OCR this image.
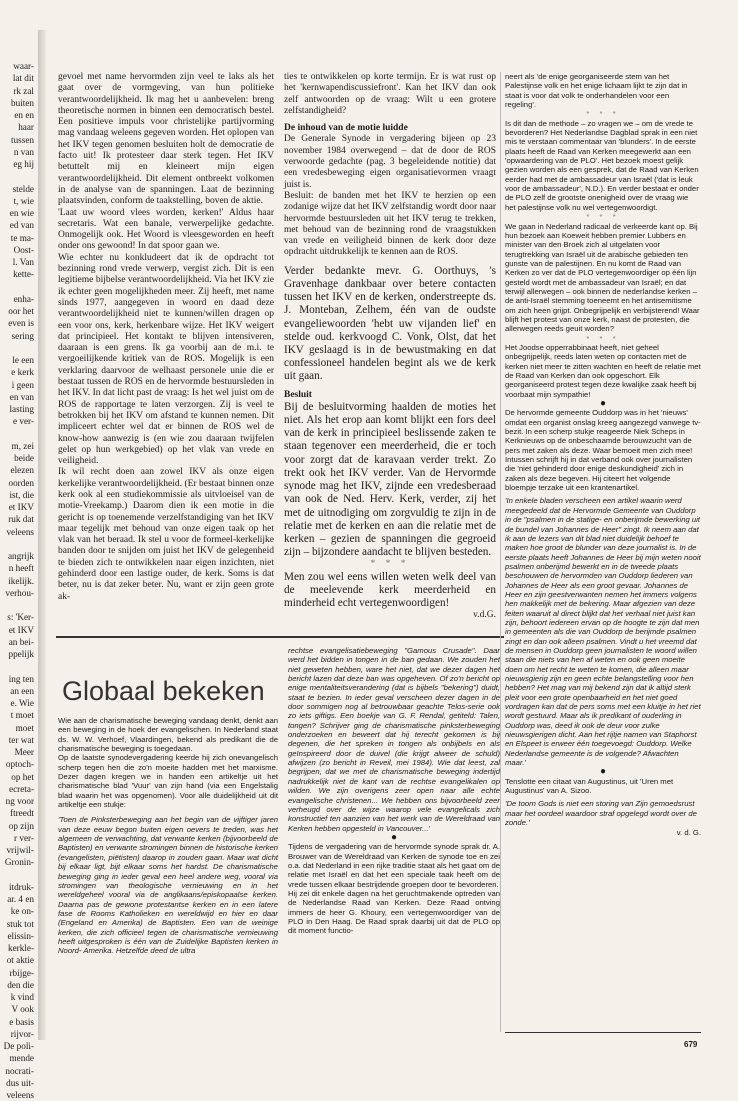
waar-
lat dit
rk zal
buiten
en en
haar
tussen
n van
eg hij

stelde
t, wie
en wie
ed van
te ma-
Oost-
l. Van
kette-

enha-
oor het
even is
sering

le een
e kerk
i geen
en van
lasting
e ver-

m, zei
beide
elezen
oorden
ist, die
et IKV
ruk dat
veleens

angrijk
n heeft
ikelijk.
verhou-

s: 'Ker-
et IKV
an bei-
ppelijk

ing ten
an een
e. Wie
t moet
moet
ter wat
Meer
optoch-
op het
ecreta-
ng voor
ftreedt
op zijn
r ver-
vrijwil-
Gronin-

itdruk-
ar. 4 en
ke on-
stuk tot
elissin-
kerkle-
ot aktie
rbijge-
den die
k vind
V ook
e basis
rijvor-
De poli-
mende
nocrati-
dus uit-
veleens

gevoel met name hervormden zijn veel te laks als het gaat over de vormgeving, van hun politieke verantwoordelijkheid. Ik mag het u aanbevelen: breng theoretische normen in binnen een democratisch bestel. Een positieve impuls voor christelijke partijvorming mag vandaag weleens gegeven worden. Het oplopen van het IKV tegen genomen besluiten holt de democratie de facto uit! Ik protesteer daar sterk tegen. Het IKV betuttelt mij en kleineert mijn eigen verantwoordelijkheid. Dit element ontbreekt volkomen in de analyse van de spanningen. Laat de bezinning plaatsvinden, conform de taakstelling, boven de aktie.

'Laat uw woord vlees worden, kerken!' Aldus haar secretaris. Wat een banale, verwerpelijke gedachte. Onmogelijk ook. Het Woord is vleesgeworden en heeft onder ons gewoond! In dat spoor gaan we.

Wie echter nu konkludeert dat ik de opdracht tot bezinning rond vrede verwerp, vergist zich. Dit is een legitieme bijbelse verantwoordelijkheid. Via het IKV zie ik echter geen mogelijkheden meer. Zij heeft, met name sinds 1977, aangegeven in woord en daad deze verantwoordelijkheid niet te kunnen/willen dragen op een voor ons, kerk, herkenbare wijze. Het IKV weigert dat principieel. Het kontakt te blijven intensiveren, daaraan is een grens. Ik ga voorbij aan de m.i. te vergoeilijkende kritiek van de ROS. Mogelijk is een verklaring daarvoor de welhaast personele unie die er bestaat tussen de ROS en de hervormde bestuursleden in het IKV. In dat licht past de vraag: Is het wel juist om de ROS de rapportage te laten verzorgen. Zij is veel te betrokken bij het IKV om afstand te kunnen nemen. Dit impliceert echter wel dat er binnen de ROS wel de know-how aanwezig is (en wie zou daaraan twijfelen gelet op hun werkgebied) op het vlak van vrede en veiligheid.

Ik wil recht doen aan zowel IKV als onze eigen kerkelijke verantwoordelijkheid. (Er bestaat binnen onze kerk ook al een studiekommissie als uitvloeisel van de motie-Vreekamp.) Daarom dien ik een motie in die gericht is op toenemende verzelfstandiging van het IKV maar tegelijk met behoud van onze eigen taak op het vlak van het beraad. Ik stel u voor de formeel-kerkelijke banden door te snijden om juist het IKV de gelegenheid te bieden zich te ontwikkelen naar eigen inzichten, niet gehinderd door een lastige ouder, de kerk. Soms is dat beter, nu is dat zeker beter. Nu, want er zijn geen grote ak-

ties te ontwikkelen op korte termijn. Er is wat rust op het 'kernwapendiscussiefront'. Kan het IKV dan ook zelf antwoorden op de vraag: Wilt u een grotere zelfstandigheid?

De inhoud van de motie luidde

De Generale Synode in vergadering bijeen op 23 november 1984 overwegend – dat de door de ROS verwoorde gedachte (pag. 3 begeleidende notitie) dat een vredesbeweging eigen organisatievormen vraagt juist is.

Besluit: de banden met het IKV te herzien op een zodanige wijze dat het IKV zelfstandig wordt door naar hervormde bestuursleden uit het IKV terug te trekken, met behoud van de bezinning rond de vraagstukken van vrede en veiligheid binnen de kerk door deze opdracht uitdrukkelijk te kennen aan de ROS.

Verder bedankte mevr. G. Oorthuys, 's Gravenhage dankbaar over betere contacten tussen het IKV en de kerken, onderstreepte ds. J. Monteban, Zelhem, één van de oudste evangeliewoorden 'hebt uw vijanden lief' en stelde oud. kerkvoogd C. Vonk, Olst, dat het IKV geslaagd is in de bewustmaking en dat confessioneel handelen begint als we de kerk uit gaan.

Besluit

Bij de besluitvorming haalden de moties het niet. Als het erop aan komt blijkt een fors deel van de kerk in principieel beslissende zaken te staan tegenover een meerderheid, die er toch voor zorgt dat de karavaan verder trekt. Zo trekt ook het IKV verder. Van de Hervormde synode mag het IKV, zijnde een vredesberaad van ook de Ned. Herv. Kerk, verder, zij het met de uitnodiging om zorgvuldig te zijn in de relatie met de kerken en aan die relatie met de kerken – gezien de spanningen die gegroeid zijn – bijzondere aandacht te blijven besteden.

* * *

Men zou wel eens willen weten welk deel van de meelevende kerk meerderheid en minderheid echt vertegenwoordigen!

v.d.G.

neert als 'de enige georganiseerde stem van het Palestijnse volk en het enige lichaam lijkt te zijn dat in staat is voor dat volk te onderhandelen voor een regeling'.

* * *

Is dit dan de methode – zo vragen we – om de vrede te bevorderen? Het Nederlandse Dagblad sprak in een niet mis te verstaan commentaar van 'blunders'. In de eerste plaats heeft de Raad van Kerken meegewerkt aan een 'opwaardering van de PLO'. Het bezoek moest gelijk gezien worden als een gesprek, dat de Raad van Kerken eerder had met de ambassadeur van Israël ('dat is leuk voor de ambassadeur', N.D.). En verder bestaat er onder de PLO zelf de grootste onenigheid over de vraag wie het palestijnse volk nu wel vertegenwoordigt.

* * *

We gaan in Nederland radicaal de verkeerde kant op. Bij hun bezoek aan Koeweit hebben premier Lubbers en minister van den Broek zich al uitgelaten voor terugtrekking van Israël uit de arabische gebieden ten gunste van de palestijnen. En nu komt de Raad van Kerken zo ver dat de PLO vertegenwoordiger op één lijn gesteld wordt met de ambassadeur van Israël; en dat terwijl allerwegen – ook binnen de nederlandse kerken – de anti-Israël stemming toeneemt en het antisemitisme om zich heen grijpt. Onbegrijpelijk en verbijsterend! Waar blijft het protest van onze kerk, naast de protesten, die allerwegen reeds geuit worden?

* * *

Het Joodse opperrabbinaat heeft, niet geheel onbegrijpelijk, reeds laten weten op contacten met de kerken niet meer te zitten wachten en heeft de relatie met de Raad van Kerken dan ook opgeschort. Elk georganiseerd protest tegen deze kwalijke zaak heeft bij voorbaat mijn sympathie!

●

De hervormde gemeente Ouddorp was in het 'nieuws' omdat een organist onslag kreeg aangezegd vanwege tv-bezit. In een scherp stukje reageerde Niek Scheps in Kerknieuws op de onbeschaamde berouwzucht van de pers met zaken als deze. Waar bemoeit men zich mee! Intussen schrijft hij in dat verband ook over journalisten die 'niet gehinderd door enige deskundigheid' zich in zaken als deze begeven. Hij citeert het volgende bloempje terzake uit een krantenartikel.

'In enkele bladen verscheen een artikel waarin werd meegedeeld dat de Hervormde Gemeente van Ouddorp in de "psalmen in de statige- en onberijmde bewerking uit de bundel van Johannes de Heer" zingt. Ik neem aan dat ik aan de lezers van dit blad niet duidelijk behoef te maken hoe groot de blunder van deze journalist is. In de eerste plaats heeft Johannes de Heer bij mijn weten nooit psalmen onberijmd bewerkt en in de tweede plaats beschouwen de hervormden van Ouddorp liederen van Johannes de Heer als een groot gevaar. Johannes de Heer en zijn geestverwanten nemen het immers volgens hen makkelijk met de bekering. Maar afgezien van deze feiten waaruit al direct blijkt dat het verhaal niet juist kan zijn, behoort iedereen ervan op de hoogte te zijn dat men in gemeenten als die van Ouddorp de berijmde psalmen zingt en dan ook alleen psalmen. Vindt u het vreemd dat de mensen in Ouddorp geen journalisten te woord willen staan die niets van hen af weten en ook geen moeite doen om het recht te weten te komen, die alleen maar nieuwsgierig zijn en geen echte belangstelling voor hen hebben? Het mag van mij bekend zijn dat ik altijd sterk pleit voor een grote openbaarheid en het niet goed vordragen kan dat de pers soms met een kluitje in het riet wordt gestuurd. Maar als ik predikant of ouderling in Ouddorp was, deed ik ook de deur voor zulke nieuwsgierigen dicht. Aan het rijtje namen van Staphorst en Elspeet is erweer één toegevoegd: Ouddorp. Welke Nederlandse gemeente is de volgende? Afwachten maar.'

●

Tenslotte een citaat van Augustinus, uit 'Uren met Augustinus' van A. Sizoo.

'De toorn Gods is niet een storing van Zijn gemoedsrust maar het oordeel waardoor straf opgelegd wordt over de zonde.'

v. d. G.

Globaal bekeken

Wie aan de charismatische beweging vandaag denkt, denkt aan een beweging in de hoek der evangelischen. In Nederland staat ds. W. W. Verhoef, Vlaardingen, bekend als predikant die de charismatische beweging is toegedaan.

Op de laatste synodevergadering keerde hij zich onevangelisch scherp tegen hen die zo'n moeite hadden met het marxisme. Dezer dagen kregen we in handen een artikeltje uit het charismatische blad 'Vuur' van zijn hand (via een Engelstalig blad waarin het was opgenomen). Voor alle duidelijkheid uit dit artikeltje een stukje:

'Toen de Pinksterbeweging aan het begin van de vijftiger jaren van deze eeuw begon buiten eigen oevers te treden, was het algemeen de verwachting, dat verwante kerken (bijvoorbeeld de Baptisten) en verwante stromingen binnen de historische kerken (evangelisten, piëtisten) daarop in zouden gaan. Maar wat dicht bij elkaar ligt, bijt elkaar soms het hardst. De charismatische beweging ging in ieder geval een heel andere weg, vooral via stromingen van theologische vernieuwing en in het wereldgeheel vooral via de anglikaans/episkopaalse kerken. Daarna pas de gewone protestantse kerken en in een latere fase de Rooms Katholieken en wereldwijd en hier en daar (Engeland en Amerika) de Baptisten. Een van de weinige kerken, die zich officieel tegen de charismatische vernieuwing heeft uitgesproken is één van de Zuidelijke Baptisten kerken in Noord- Amerika. Hetzelfde deed de ultra

rechtse evangelisatiebeweging "Gamous Crusade". Daar werd het bidden in tongen in de ban gedaan. We zouden het niet geweten hebben, ware het niet, dat we dezer dagen het bericht lazen dat deze ban was opgeheven. Of zo'n bericht op enige mentaliteitsverandering (dat is bijbels "bekering") duidt, staat te bezien. In ieder geval verscheen dezer dagen in de door sommigen nog al betrouwbaar geachte Telos-serie ook zo iets giftigs. Een boekje van G. F. Rendal, getiteld: Talen, tongen? Schrijver ging de charismatische pinksterbeweging onderzoeken en beweert dat hij terecht gekomen is bij degenen, die het spreken in tongen als onbijbels en als geïnspireerd door de duivel (die krijgt alweer de schuld) afwijzen (zo bericht in Reveil, mei 1984). Wie dat leest, zal begrijpen, dat we met de charismatische beweging indertijd nadrukkelijk niet de kant van de rechtse evangelikalen op wilden. We zijn overigens zeer open naar alle echte evangelische christenen... We hebben ons bijvoorbeeld zeer verheugd over de wijze waarop vele evangelicals zich konstructief ten aanzien van het werk van de Wereldraad van Kerken hebben opgesteld in Vancouver...'

●

Tijdens de vergadering van de hervormde synode sprak dr. A. Brouwer van de Wereldraad van Kerken de synode toe en zei o.a. dat Nederland in een rijke traditie staat als het gaat om de relatie met Israël en dat het een speciale taak heeft om de vrede tussen elkaar bestrijdende groepen door te bevorderen.

Hij zei dit enkele dagen na het geruchtmakende optreden van de Nederlandse Raad van Kerken. Deze Raad ontving immers de heer G. Khoury, een vertegenwoordiger van de PLO in Den Haag. De Raad sprak daarbij uit dat de PLO op dit moment functio-

679
